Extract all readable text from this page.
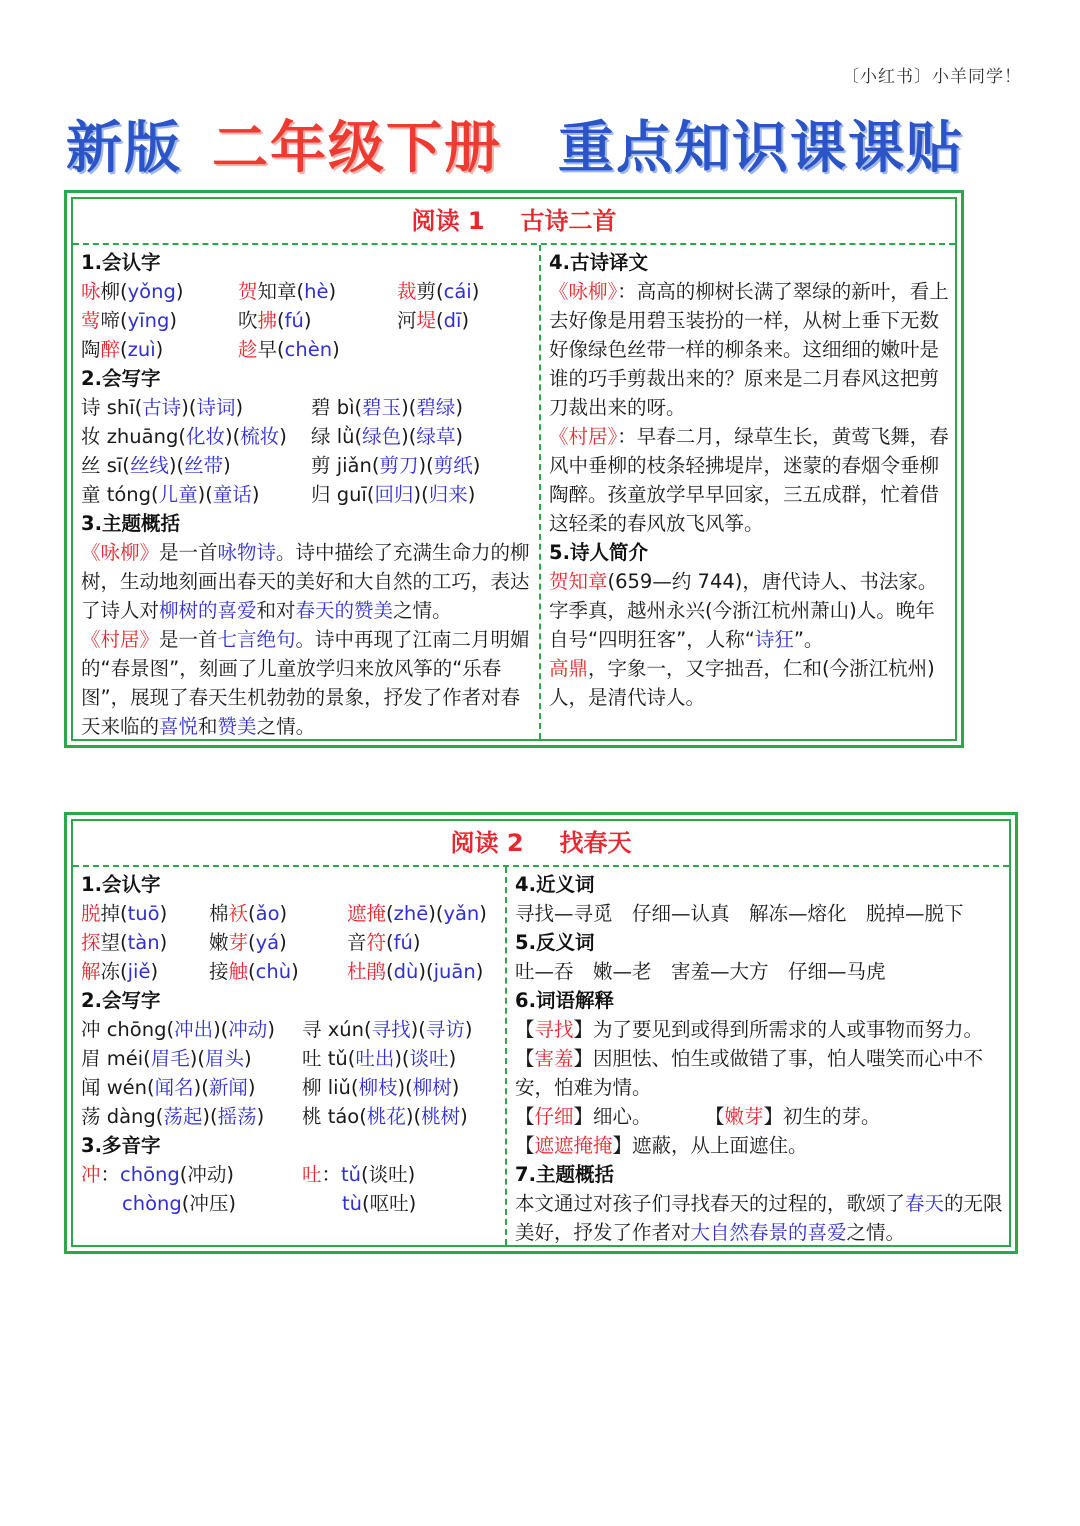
〔小红书〕小羊同学！
新版 二年级下册 重点知识课课贴
阅读 1 古诗二首
1.会认字
咏柳(yǒng)	贺知章(hè)	裁剪(cái)
莺啼(yīng)	吹拂(fú)	河堤(dī)
陶醉(zuì)	趁早(chèn)
2.会写字
诗 shī(古诗)(诗词)	碧 bì(碧玉)(碧绿)
妆 zhuāng(化妆)(梳妆) 绿 lǜ(绿色)(绿草)
丝 sī(丝线)(丝带)	剪 jiǎn(剪刀)(剪纸)
童 tóng(儿童)(童话)	归 guī(回归)(归来)
3.主题概括
《咏柳》是一首咏物诗。诗中描绘了充满生命力的柳树，生动地刻画出春天的美好和大自然的工巧，表达了诗人对柳树的喜爱和对春天的赞美之情。
《村居》是一首七言绝句。诗中再现了江南二月明媚的“春景图”，刻画了儿童放学归来放风筝的“乐春图”，展现了春天生机勃勃的景象，抒发了作者对春天来临的喜悦和赞美之情。
4.古诗译文
《咏柳》：高高的柳树长满了翠绿的新叶，看上去好像是用碧玉装扮的一样，从树上垂下无数好像绿色丝带一样的柳条来。这细细的嫩叶是谁的巧手剪裁出来的？原来是二月春风这把剪刀裁出来的呀。
《村居》：早春二月，绿草生长，黄莺飞舞，春风中垂柳的枝条轻拂堤岸，迷蒙的春烟令垂柳陶醉。孩童放学早早回家，三五成群，忙着借这轻柔的春风放飞风筝。
5.诗人简介
贺知章(659—约 744)，唐代诗人、书法家。字季真，越州永兴(今浙江杭州萧山)人。晚年自号“四明狂客”，人称“诗狂”。
高鼎，字象一，又字拙吾，仁和(今浙江杭州)人，是清代诗人。
阅读 2 找春天
1.会认字
脱掉(tuō) 棉袄(ǎo)	遮掩(zhē)(yǎn)
探望(tàn) 嫩芽(yá)	音符(fú)
解冻(jiě)	接触(chù) 杜鹃(dù)(juān)
2.会写字
冲 chōng(冲出)(冲动) 寻 xún(寻找)(寻访)
眉 méi(眉毛)(眉头)	吐 tǔ(吐出)(谈吐)
闻 wén(闻名)(新闻) 柳 liǔ(柳枝)(柳树)
荡 dàng(荡起)(摇荡) 桃 táo(桃花)(桃树)
3.多音字
冲：chōng(冲动)	吐：tǔ(谈吐)
chòng(冲压)	tù(呕吐)
4.近义词
寻找—寻觅　仔细—认真　解冻—熔化　脱掉—脱下
5.反义词
吐—吞　嫩—老　害羞—大方　仔细—马虎
6.词语解释
【寻找】为了要见到或得到所需求的人或事物而努力。
【害羞】因胆怯、怕生或做错了事，怕人嗤笑而心中不安，怕难为情。
【仔细】细心。	【嫩芽】初生的芽。
【遮遮掩掩】遮蔽，从上面遮住。
7.主题概括
本文通过对孩子们寻找春天的过程的，歌颂了春天的无限美好，抒发了作者对大自然春景的喜爱之情。
